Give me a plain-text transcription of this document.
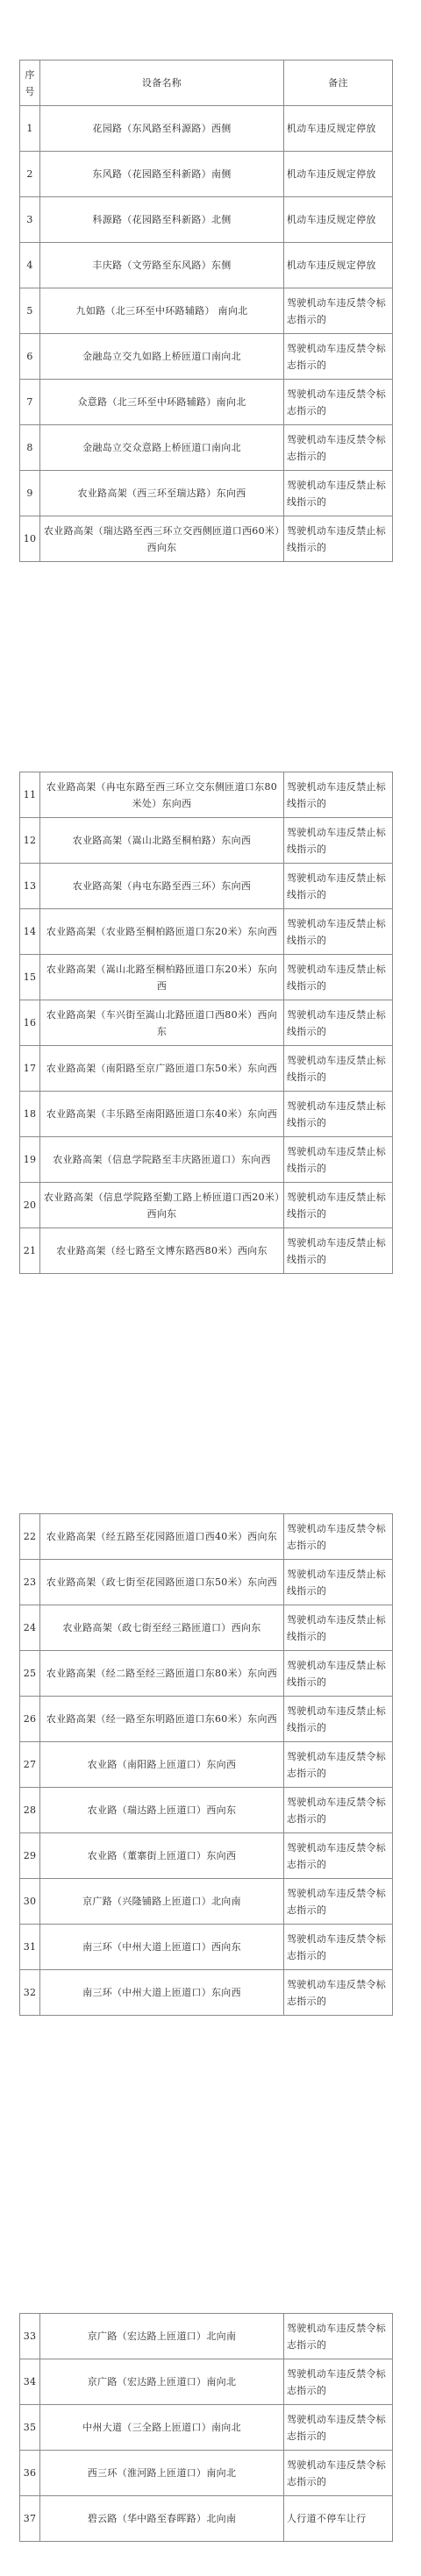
序号	设备名称	备注
1	花园路（东风路至科源路）西侧	机动车违反规定停放
2	东风路（花园路至科新路）南侧	机动车违反规定停放
3	科源路（花园路至科新路）北侧	机动车违反规定停放
4	丰庆路（文劳路至东风路）东侧	机动车违反规定停放
5	九如路（北三环至中环路辅路） 南向北	驾驶机动车违反禁令标志指示的
6	金融岛立交九如路上桥匝道口南向北	驾驶机动车违反禁令标志指示的
7	众意路（北三环至中环路辅路）南向北	驾驶机动车违反禁令标志指示的
8	金融岛立交众意路上桥匝道口南向北	驾驶机动车违反禁令标志指示的
9	农业路高架（西三环至瑞达路）东向西	驾驶机动车违反禁止标线指示的
10	农业路高架（瑞达路至西三环立交西侧匝道口西60米）西向东	驾驶机动车违反禁止标线指示的
11	农业路高架（冉屯东路至西三环立交东侧匝道口东80米处）东向西	驾驶机动车违反禁止标线指示的
12	农业路高架（嵩山北路至桐柏路）东向西	驾驶机动车违反禁止标线指示的
13	农业路高架（冉屯东路至西三环）东向西	驾驶机动车违反禁止标线指示的
14	农业路高架（农业路至桐柏路匝道口东20米）东向西	驾驶机动车违反禁止标线指示的
15	农业路高架（嵩山北路至桐柏路匝道口东20米）东向西	驾驶机动车违反禁止标线指示的
16	农业路高架（车兴街至嵩山北路匝道口西80米）西向东	驾驶机动车违反禁止标线指示的
17	农业路高架（南阳路至京广路匝道口东50米）东向西	驾驶机动车违反禁止标线指示的
18	农业路高架（丰乐路至南阳路匝道口东40米）东向西	驾驶机动车违反禁止标线指示的
19	农业路高架（信息学院路至丰庆路匝道口）东向西	驾驶机动车违反禁止标线指示的
20	农业路高架（信息学院路至勤工路上桥匝道口西20米）西向东	驾驶机动车违反禁止标线指示的
21	农业路高架（经七路至文博东路西80米）西向东	驾驶机动车违反禁止标线指示的
22	农业路高架（经五路至花园路匝道口西40米）西向东	驾驶机动车违反禁令标志指示的
23	农业路高架（政七街至花园路匝道口东50米）东向西	驾驶机动车违反禁止标线指示的
24	农业路高架（政七街至经三路匝道口）西向东	驾驶机动车违反禁止标线指示的
25	农业路高架（经二路至经三路匝道口东80米）东向西	驾驶机动车违反禁止标线指示的
26	农业路高架（经一路至东明路匝道口东60米）东向西	驾驶机动车违反禁止标线指示的
27	农业路（南阳路上匝道口）东向西	驾驶机动车违反禁令标志指示的
28	农业路（瑞达路上匝道口）西向东	驾驶机动车违反禁令标志指示的
29	农业路（董寨街上匝道口）东向西	驾驶机动车违反禁令标志指示的
30	京广路（兴隆铺路上匝道口）北向南	驾驶机动车违反禁令标志指示的
31	南三环（中州大道上匝道口）西向东	驾驶机动车违反禁令标志指示的
32	南三环（中州大道上匝道口）东向西	驾驶机动车违反禁令标志指示的
33	京广路（宏达路上匝道口）北向南	驾驶机动车违反禁令标志指示的
34	京广路（宏达路上匝道口）南向北	驾驶机动车违反禁令标志指示的
35	中州大道（三全路上匝道口）南向北	驾驶机动车违反禁令标志指示的
36	西三环（淮河路上匝道口）南向北	驾驶机动车违反禁令标志指示的
37	碧云路（华中路至春晖路）北向南	人行道不停车让行
